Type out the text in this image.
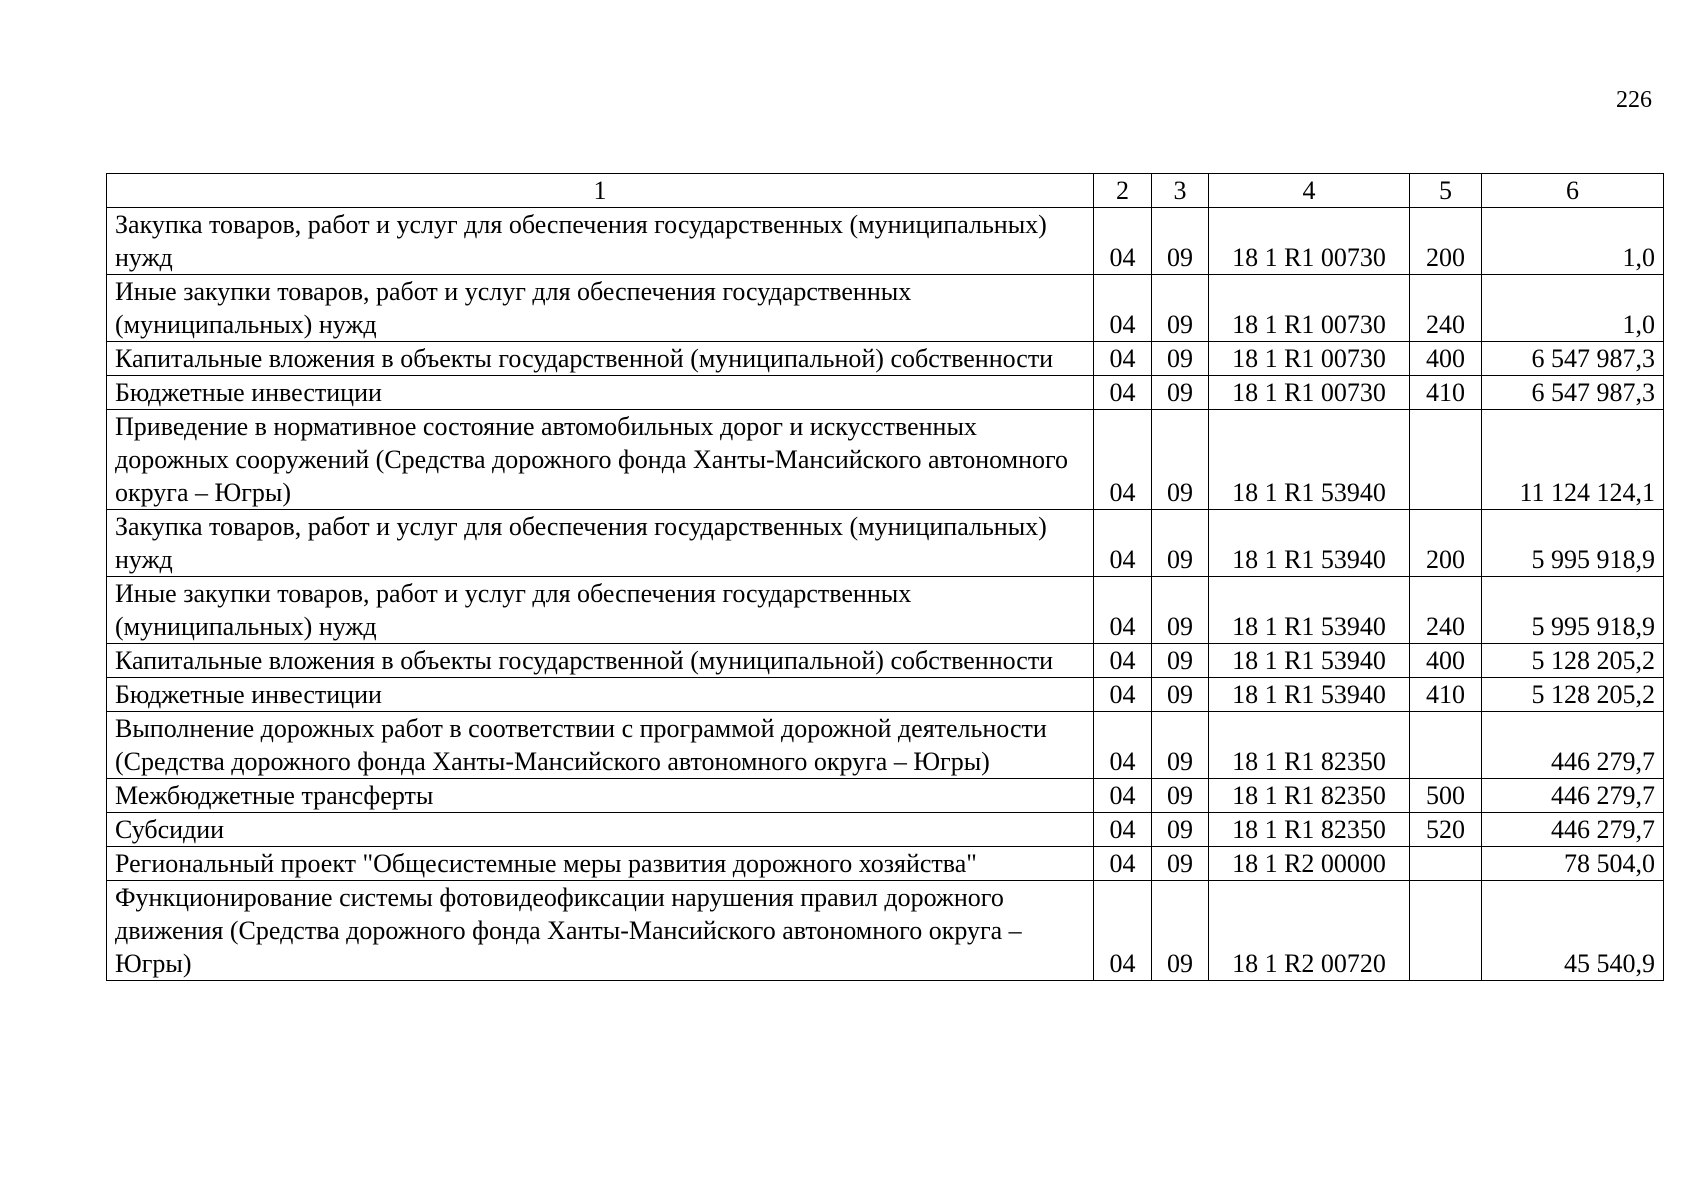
226
1	2	3	4	5	6
Закупка товаров, работ и услуг для обеспечения государственных (муниципальных) нужд	04	09	18 1 R1 00730	200	1,0
Иные закупки товаров, работ и услуг для обеспечения государственных (муниципальных) нужд	04	09	18 1 R1 00730	240	1,0
Капитальные вложения в объекты государственной (муниципальной) собственности	04	09	18 1 R1 00730	400	6 547 987,3
Бюджетные инвестиции	04	09	18 1 R1 00730	410	6 547 987,3
Приведение в нормативное состояние автомобильных дорог и искусственных дорожных сооружений (Средства дорожного фонда Ханты-Мансийского автономного округа – Югры)	04	09	18 1 R1 53940		11 124 124,1
Закупка товаров, работ и услуг для обеспечения государственных (муниципальных) нужд	04	09	18 1 R1 53940	200	5 995 918,9
Иные закупки товаров, работ и услуг для обеспечения государственных (муниципальных) нужд	04	09	18 1 R1 53940	240	5 995 918,9
Капитальные вложения в объекты государственной (муниципальной) собственности	04	09	18 1 R1 53940	400	5 128 205,2
Бюджетные инвестиции	04	09	18 1 R1 53940	410	5 128 205,2
Выполнение дорожных работ в соответствии с программой дорожной деятельности (Средства дорожного фонда Ханты-Мансийского автономного округа – Югры)	04	09	18 1 R1 82350		446 279,7
Межбюджетные трансферты	04	09	18 1 R1 82350	500	446 279,7
Субсидии	04	09	18 1 R1 82350	520	446 279,7
Региональный проект "Общесистемные меры развития дорожного хозяйства"	04	09	18 1 R2 00000		78 504,0
Функционирование системы фотовидеофиксации нарушения правил дорожного движения (Средства дорожного фонда Ханты-Мансийского автономного округа – Югры)	04	09	18 1 R2 00720		45 540,9
